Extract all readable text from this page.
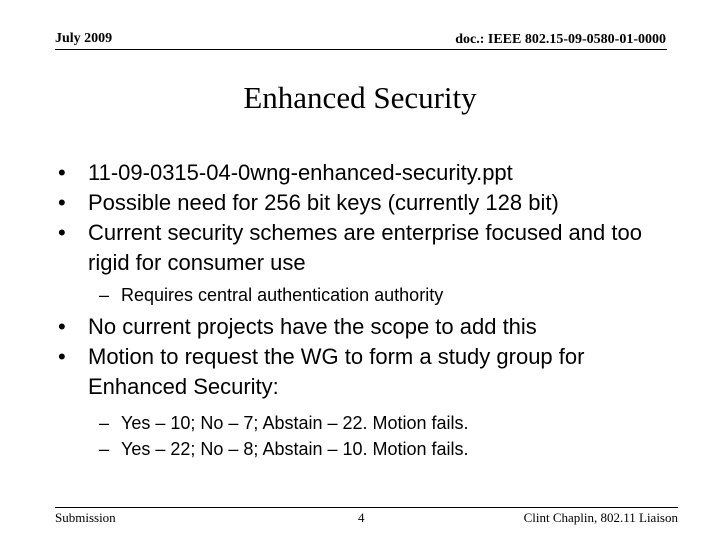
July 2009	doc.: IEEE 802.15-09-0580-01-0000
Enhanced Security
•	11-09-0315-04-0wng-enhanced-security.ppt
•	Possible need for 256 bit keys (currently 128 bit)
•	Current security schemes are enterprise focused and too rigid for consumer use
– Requires central authentication authority
•	No current projects have the scope to add this
•	Motion to request the WG to form a study group for Enhanced Security:
– Yes – 10; No – 7; Abstain – 22. Motion fails.
– Yes – 22; No – 8; Abstain – 10. Motion fails.
Submission	4	Clint Chaplin, 802.11 Liaison
